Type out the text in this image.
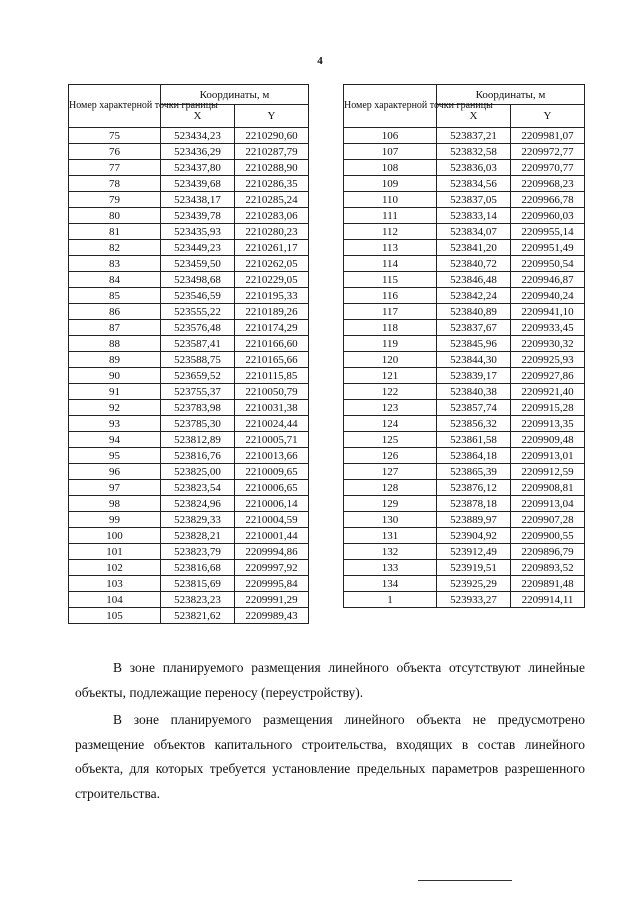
4
Номер характерной точки границы	Координаты, м	
	X	Y
75	523434,23	2210290,60
76	523436,29	2210287,79
77	523437,80	2210288,90
78	523439,68	2210286,35
79	523438,17	2210285,24
80	523439,78	2210283,06
81	523435,93	2210280,23
82	523449,23	2210261,17
83	523459,50	2210262,05
84	523498,68	2210229,05
85	523546,59	2210195,33
86	523555,22	2210189,26
87	523576,48	2210174,29
88	523587,41	2210166,60
89	523588,75	2210165,66
90	523659,52	2210115,85
91	523755,37	2210050,79
92	523783,98	2210031,38
93	523785,30	2210024,44
94	523812,89	2210005,71
95	523816,76	2210013,66
96	523825,00	2210009,65
97	523823,54	2210006,65
98	523824,96	2210006,14
99	523829,33	2210004,59
100	523828,21	2210001,44
101	523823,79	2209994,86
102	523816,68	2209997,92
103	523815,69	2209995,84
104	523823,23	2209991,29
105	523821,62	2209989,43
Номер характерной точки границы	Координаты, м	
	X	Y
106	523837,21	2209981,07
107	523832,58	2209972,77
108	523836,03	2209970,77
109	523834,56	2209968,23
110	523837,05	2209966,78
111	523833,14	2209960,03
112	523834,07	2209955,14
113	523841,20	2209951,49
114	523840,72	2209950,54
115	523846,48	2209946,87
116	523842,24	2209940,24
117	523840,89	2209941,10
118	523837,67	2209933,45
119	523845,96	2209930,32
120	523844,30	2209925,93
121	523839,17	2209927,86
122	523840,38	2209921,40
123	523857,74	2209915,28
124	523856,32	2209913,35
125	523861,58	2209909,48
126	523864,18	2209913,01
127	523865,39	2209912,59
128	523876,12	2209908,81
129	523878,18	2209913,04
130	523889,97	2209907,28
131	523904,92	2209900,55
132	523912,49	2209896,79
133	523919,51	2209893,52
134	523925,29	2209891,48
1	523933,27	2209914,11

В зоне планируемого размещения линейного объекта отсутствуют линейные объекты, подлежащие переносу (переустройству).

В зоне планируемого размещения линейного объекта не предусмотрено размещение объектов капитального строительства, входящих в состав линейного объекта, для которых требуется установление предельных параметров разрешенного строительства.
